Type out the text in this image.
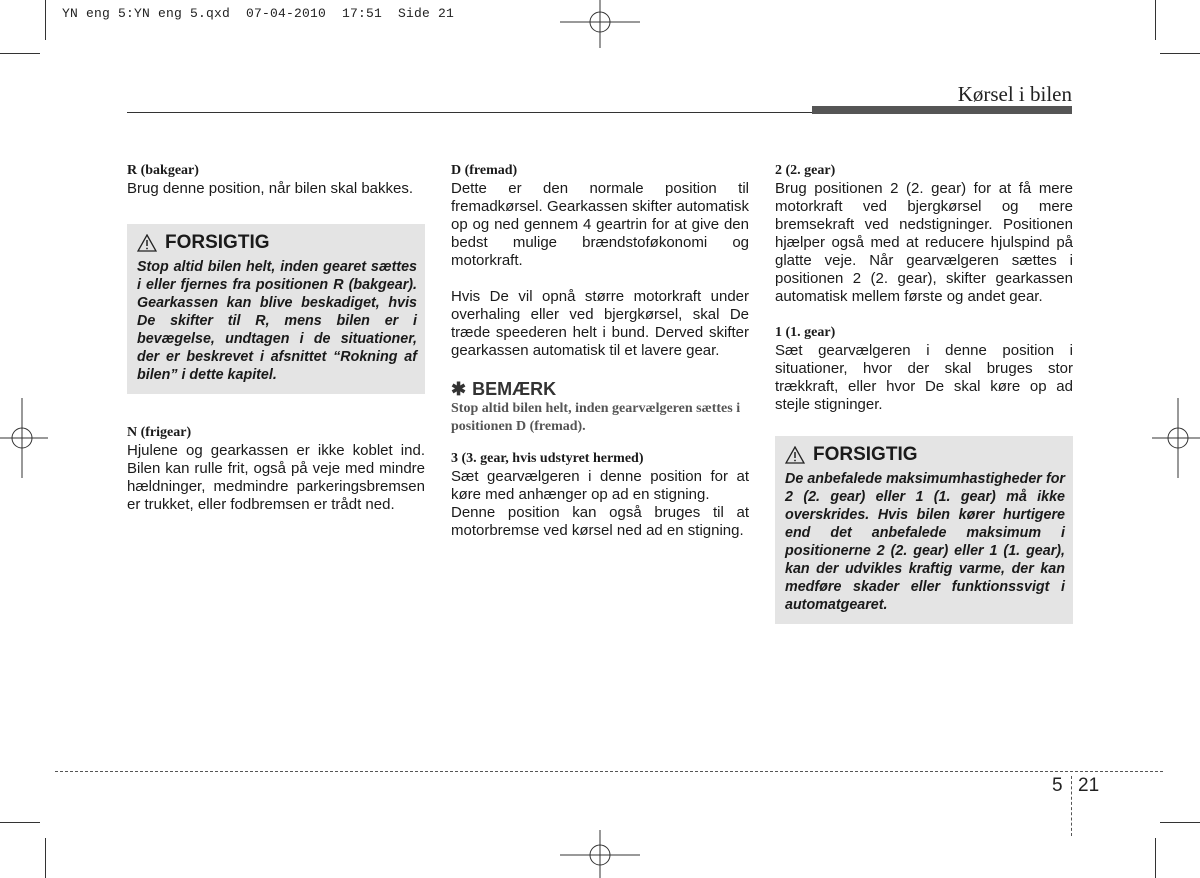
YN eng 5:YN eng 5.qxd  07-04-2010  17:51  Side 21
Kørsel i bilen

R (bakgear)

Brug denne position, når bilen skal bakkes.

FORSIGTIG
Stop altid bilen helt, inden gearet sættes i eller fjernes fra positionen R (bakgear). Gearkassen kan blive beskadiget, hvis De skifter til R, mens bilen er i bevægelse, undtagen i de situationer, der er beskrevet i afsnittet “Rokning af bilen” i dette kapitel.

N (frigear)

Hjulene og gearkassen er ikke koblet ind. Bilen kan rulle frit, også på veje med mindre hældninger, medmindre parkeringsbremsen er trukket, eller fodbremsen er trådt ned.

D (fremad)

Dette er den normale position til fremadkørsel. Gearkassen skifter automatisk op og ned gennem 4 geartrin for at give den bedst mulige brændstoføkonomi og motorkraft.

Hvis De vil opnå større motorkraft under overhaling eller ved bjergkørsel, skal De træde speederen helt i bund. Derved skifter gearkassen automatisk til et lavere gear.

✱ BEMÆRK

Stop altid bilen helt, inden gearvælgeren sættes i positionen D (fremad).

3 (3. gear, hvis udstyret hermed)

Sæt gearvælgeren i denne position for at køre med anhænger op ad en stigning.

Denne position kan også bruges til at motorbremse ved kørsel ned ad en stigning.

2 (2. gear)

Brug positionen 2 (2. gear) for at få mere motorkraft ved bjergkørsel og mere bremsekraft ved nedstigninger. Positionen hjælper også med at reducere hjulspind på glatte veje. Når gearvælgeren sættes i positionen 2 (2. gear), skifter gearkassen automatisk mellem første og andet gear.

1 (1. gear)

Sæt gearvælgeren i denne position i situationer, hvor der skal bruges stor trækkraft, eller hvor De skal køre op ad stejle stigninger.

FORSIGTIG
De anbefalede maksimumhastigheder for 2 (2. gear) eller 1 (1. gear) må ikke overskrides. Hvis bilen kører hurtigere end det anbefalede maksimum i positionerne 2 (2. gear) eller 1 (1. gear), kan der udvikles kraftig varme, der kan medføre skader eller funktionssvigt i automatgearet.
5 21
